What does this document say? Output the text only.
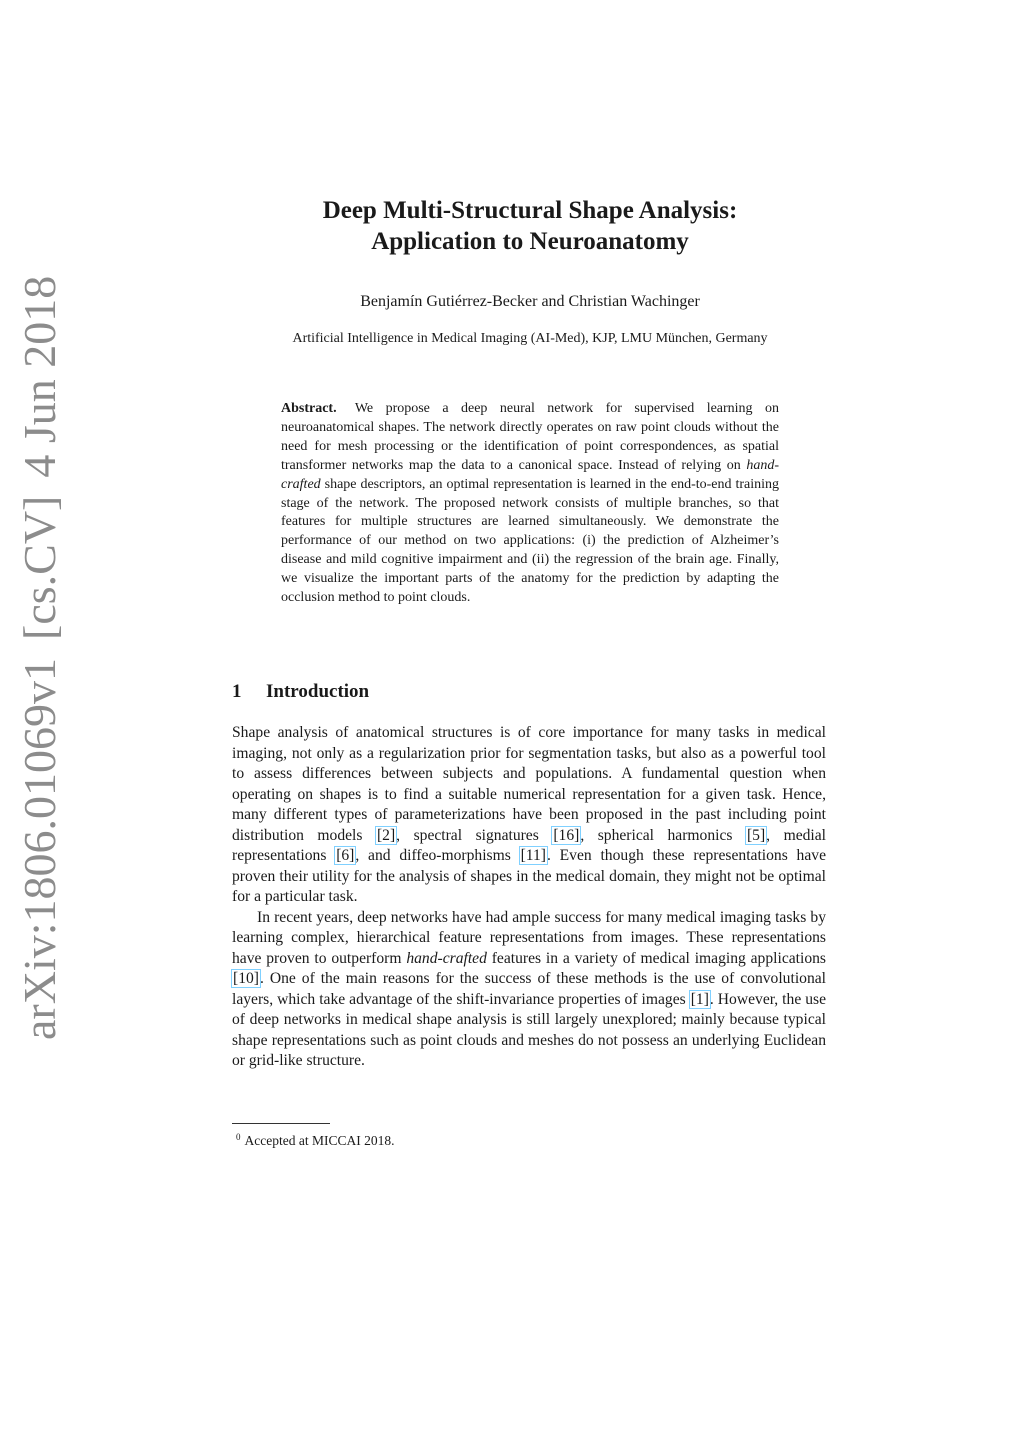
arXiv:1806.01069v1[cs.CV]4 Jun 2018
Deep Multi-Structural Shape Analysis:
Application to Neuroanatomy
Benjamín Gutiérrez-Becker and Christian Wachinger
Artificial Intelligence in Medical Imaging (AI-Med), KJP, LMU München, Germany
Abstract. We propose a deep neural network for supervised learning on neuroanatomical shapes. The network directly operates on raw point clouds without the need for mesh processing or the identification of point correspondences, as spatial transformer networks map the data to a canonical space. Instead of relying on hand-crafted shape descriptors, an optimal representation is learned in the end-to-end training stage of the network. The proposed network consists of multiple branches, so that features for multiple structures are learned simultaneously. We demonstrate the performance of our method on two applications: (i) the prediction of Alzheimer’s disease and mild cognitive impairment and (ii) the regression of the brain age. Finally, we visualize the important parts of the anatomy for the prediction by adapting the occlusion method to point clouds.
1 Introduction

Shape analysis of anatomical structures is of core importance for many tasks in medical imaging, not only as a regularization prior for segmentation tasks, but also as a powerful tool to assess differences between subjects and populations. A fundamental question when operating on shapes is to find a suitable numerical representation for a given task. Hence, many different types of parameterizations have been proposed in the past including point distribution models [2], spectral signatures [16], spherical harmonics [5], medial representations [6], and diffeo-morphisms [11]. Even though these representations have proven their utility for the analysis of shapes in the medical domain, they might not be optimal for a particular task.

In recent years, deep networks have had ample success for many medical imaging tasks by learning complex, hierarchical feature representations from images. These representations have proven to outperform hand-crafted features in a variety of medical imaging applications [10]. One of the main reasons for the success of these methods is the use of convolutional layers, which take advantage of the shift-invariance properties of images [1]. However, the use of deep networks in medical shape analysis is still largely unexplored; mainly because typical shape representations such as point clouds and meshes do not possess an underlying Euclidean or grid-like structure.

$^0$ Accepted at MICCAI 2018.
